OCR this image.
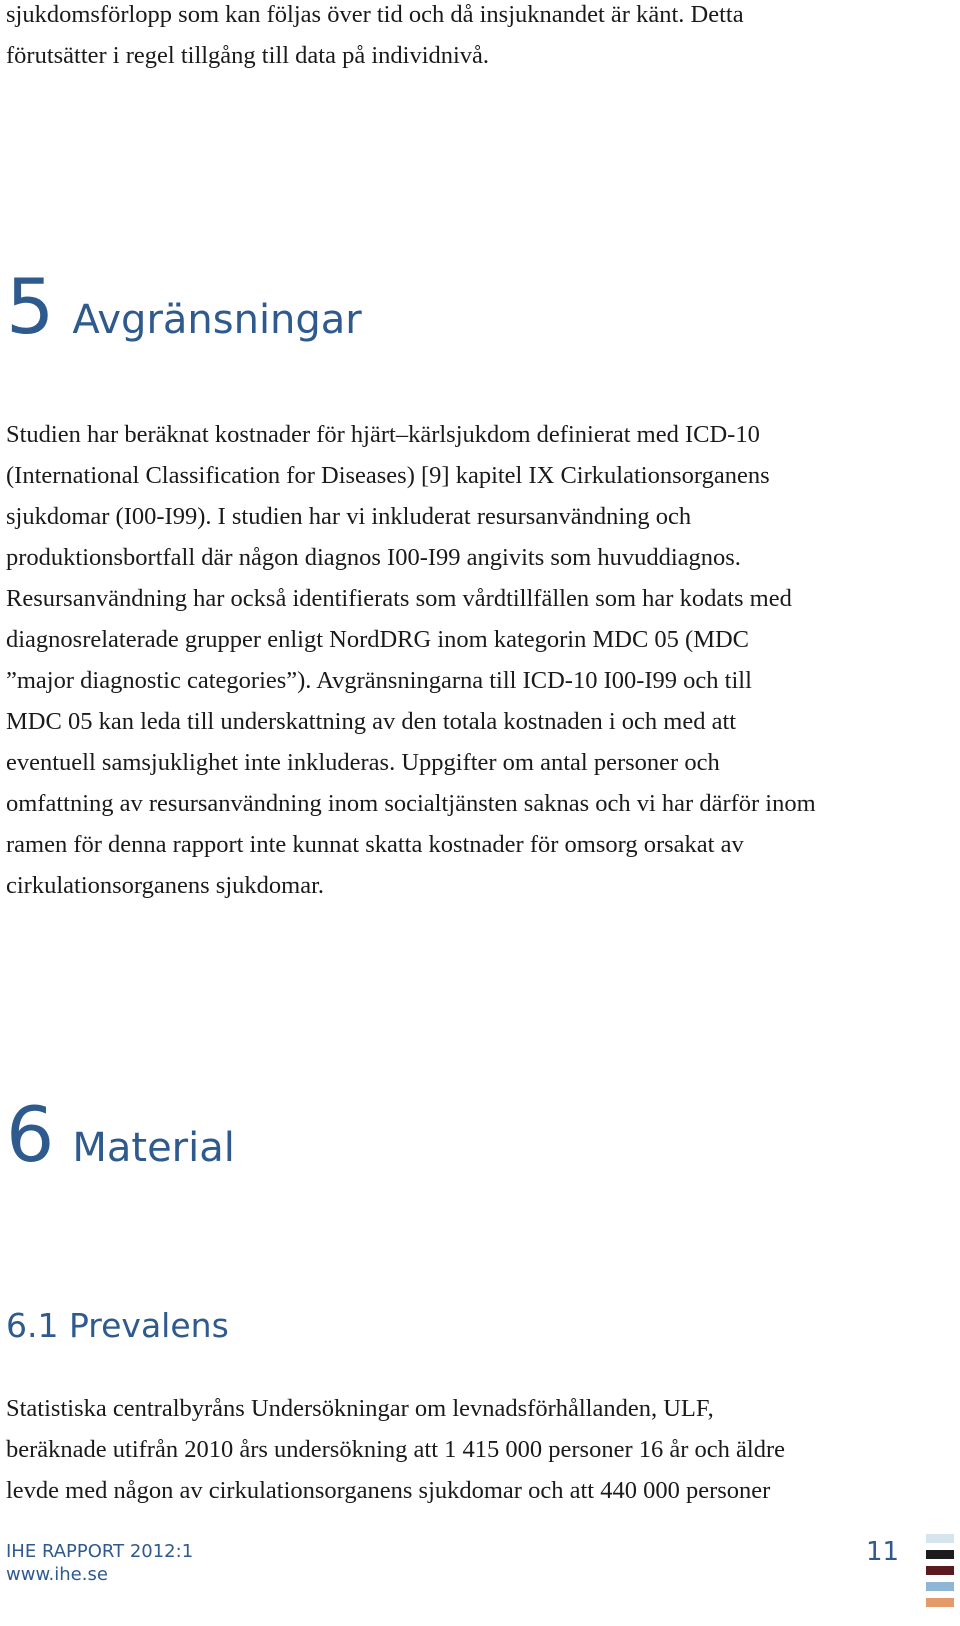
sjukdomsförlopp som kan följas över tid och då insjuknandet är känt. Detta
förutsätter i regel tillgång till data på individnivå.
5 Avgränsningar
Studien har beräknat kostnader för hjärt–kärlsjukdom definierat med ICD-10
(International Classification for Diseases) [9] kapitel IX Cirkulationsorganens
sjukdomar (I00-I99). I studien har vi inkluderat resursanvändning och
produktionsbortfall där någon diagnos I00-I99 angivits som huvuddiagnos.
Resursanvändning har också identifierats som vårdtillfällen som har kodats med
diagnosrelaterade grupper enligt NordDRG inom kategorin MDC 05 (MDC
”major diagnostic categories”). Avgränsningarna till ICD-10 I00-I99 och till
MDC 05 kan leda till underskattning av den totala kostnaden i och med att
eventuell samsjuklighet inte inkluderas. Uppgifter om antal personer och
omfattning av resursanvändning inom socialtjänsten saknas och vi har därför inom
ramen för denna rapport inte kunnat skatta kostnader för omsorg orsakat av
cirkulationsorganens sjukdomar.
6 Material
6.1 Prevalens
Statistiska centralbyråns Undersökningar om levnadsförhållanden, ULF,
beräknade utifrån 2010 års undersökning att 1 415 000 personer 16 år och äldre
levde med någon av cirkulationsorganens sjukdomar och att 440 000 personer
IHE RAPPORT 2012:1
www.ihe.se
11
